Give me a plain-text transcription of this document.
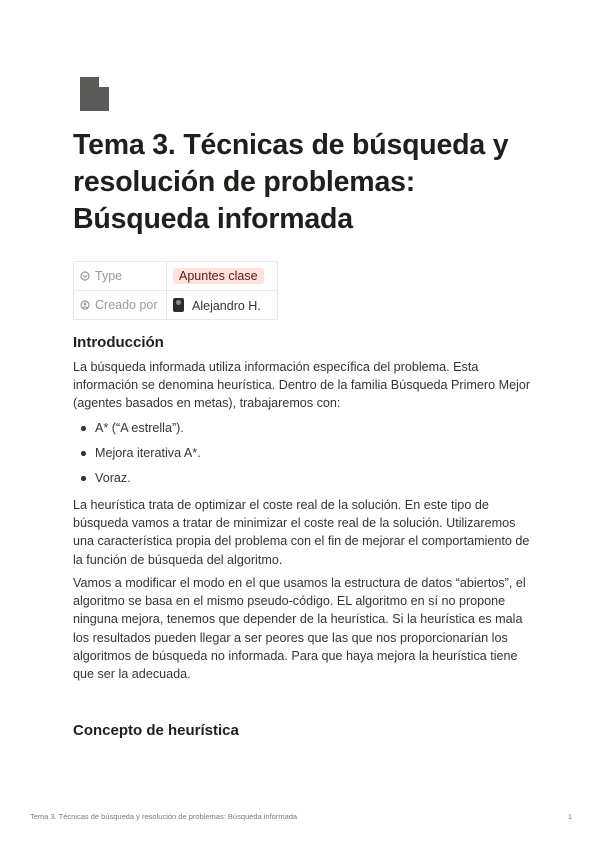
Tema 3. Técnicas de búsqueda y resolución de problemas: Búsqueda informada
Type	Apuntes clase
Creado por	Alejandro H.
Introducción

La búsqueda informada utiliza información específica del problema. Esta información se denomina heurística. Dentro de la familia Búsqueda Primero Mejor (agentes basados en metas), trabajaremos con:

A* (“A estrella”).
Mejora iterativa A*.
Voraz.

La heurística trata de optimizar el coste real de la solución. En este tipo de búsqueda vamos a tratar de minimizar el coste real de la solución. Utilizaremos una característica propia del problema con el fin de mejorar el comportamiento de la función de búsqueda del algoritmo.

Vamos a modificar el modo en el que usamos la estructura de datos “abiertos”, el algoritmo se basa en el mismo pseudo-código. EL algoritmo en sí no propone ninguna mejora, tenemos que depender de la heurística. Si la heurística es mala los resultados pueden llegar a ser peores que las que nos proporcionarían los algoritmos de búsqueda no informada. Para que haya mejora la heurística tiene que ser la adecuada.

Concepto de heurística
Tema 3. Técnicas de búsqueda y resolución de problemas: Búsqueda informada	1
